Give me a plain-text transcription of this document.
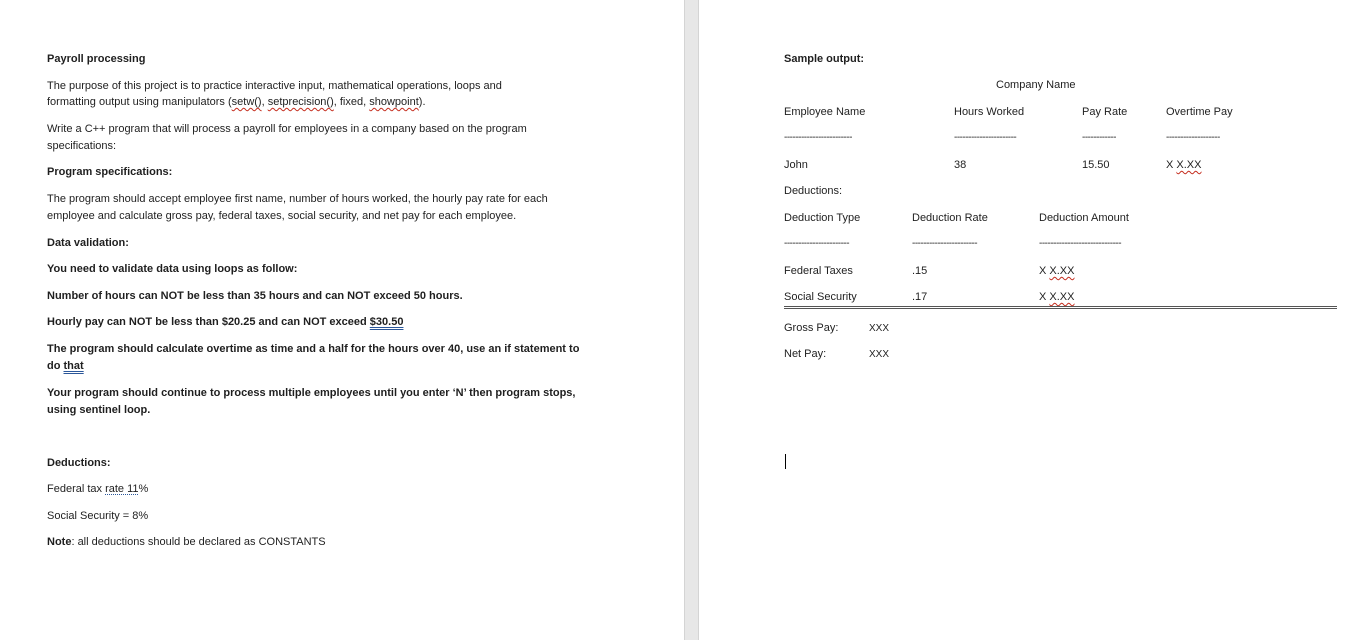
Payroll processing
The purpose of this project is to practice interactive input, mathematical operations, loops and
formatting output using manipulators (setw(), setprecision(), fixed, showpoint).
Write a C++ program that will process a payroll for employees in a company based on the program
specifications:
Program specifications:
The program should accept employee first name, number of hours worked, the hourly pay rate for each
employee and calculate gross pay, federal taxes, social security, and net pay for each employee.
Data validation:
You need to validate data using loops as follow:
Number of hours can NOT be less than 35 hours and can NOT exceed 50 hours.
Hourly pay can NOT be less than $20.25 and can NOT exceed $30.50
The program should calculate overtime as time and a half for the hours over 40, use an if statement to
do that
Your program should continue to process multiple employees until you enter ‘N’ then program stops,
using sentinel loop.
Deductions:
Federal tax rate 11%
Social Security = 8%
Note: all deductions should be declared as CONSTANTS
Sample output:
Company Name
Employee Name	Hours Worked	Pay Rate	Overtime Pay
------------------------	----------------------	------------	-------------------
John	38	15.50	X X.XX
Deductions:
Deduction Type	Deduction Rate	Deduction Amount
-----------------------	-----------------------	-----------------------------
Federal Taxes	.15	X X.XX
Social Security	.17	X X.XX
Gross Pay:	XXX
Net Pay:	XXX
